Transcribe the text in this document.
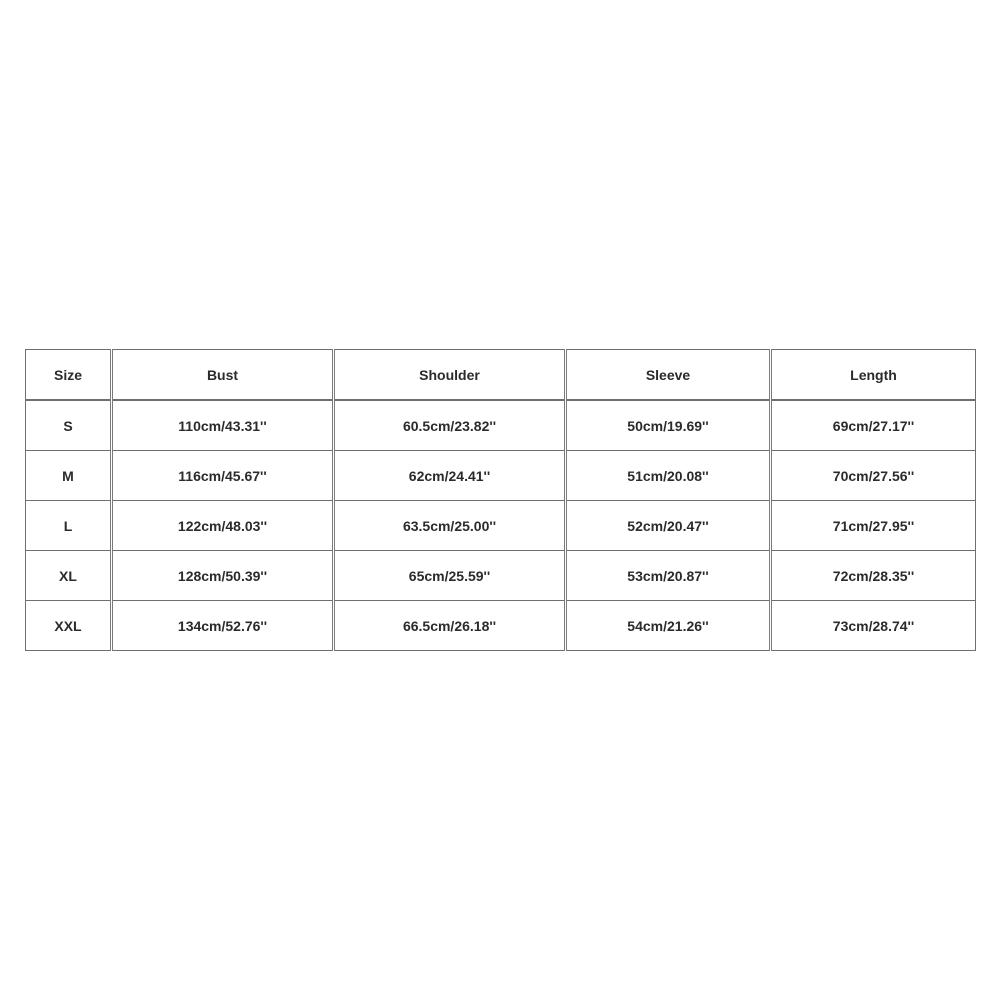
Size	Bust	Shoulder	Sleeve	Length
S	110cm/43.31''	60.5cm/23.82''	50cm/19.69''	69cm/27.17''
M	116cm/45.67''	62cm/24.41''	51cm/20.08''	70cm/27.56''
L	122cm/48.03''	63.5cm/25.00''	52cm/20.47''	71cm/27.95''
XL	128cm/50.39''	65cm/25.59''	53cm/20.87''	72cm/28.35''
XXL	134cm/52.76''	66.5cm/26.18''	54cm/21.26''	73cm/28.74''
